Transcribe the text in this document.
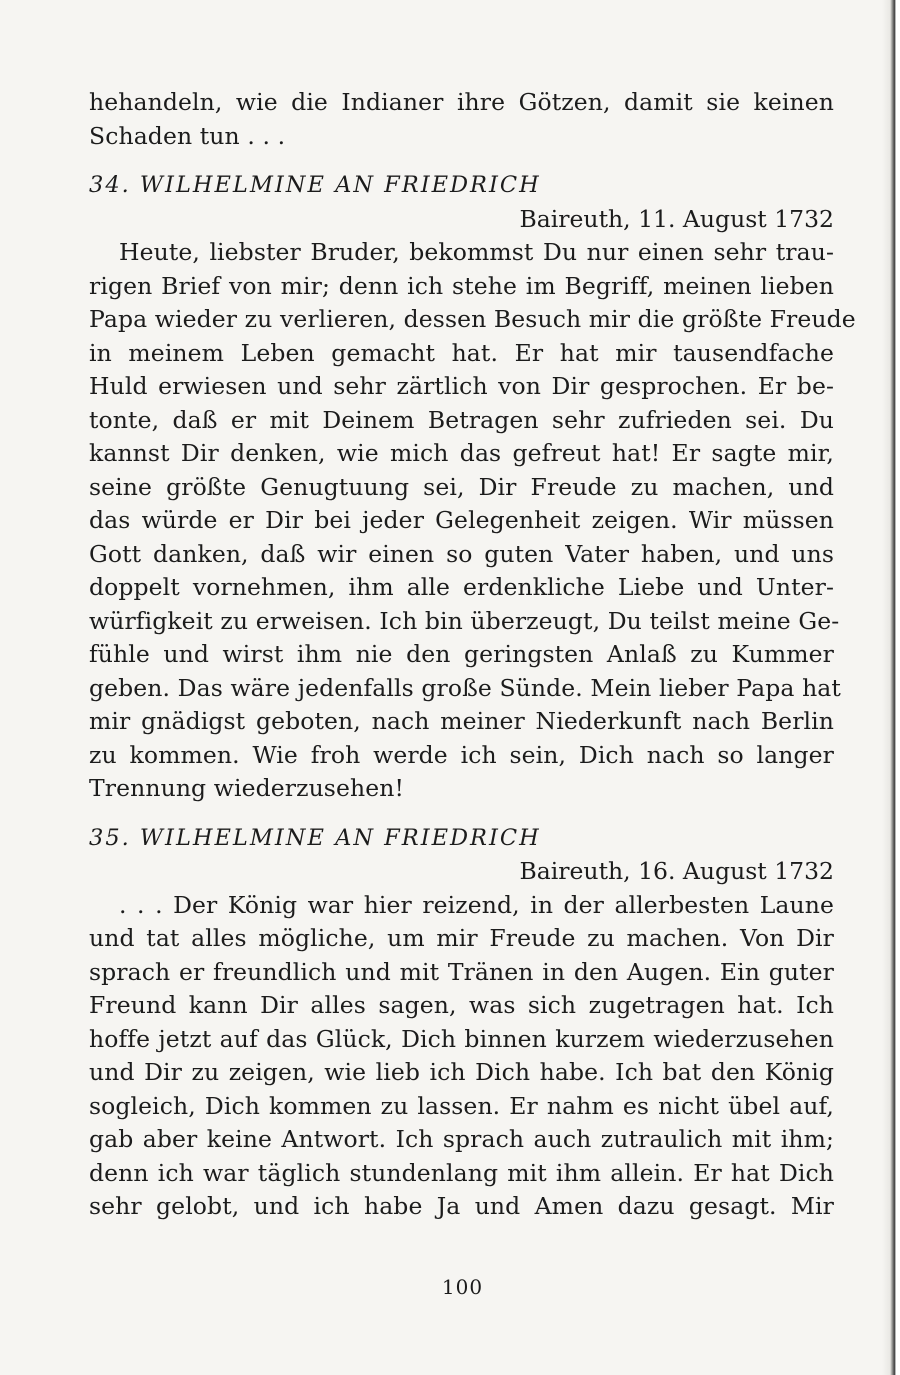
hehandeln, wie die Indianer ihre Götzen, damit sie keinen
Schaden tun . . .
34. WILHELMINE AN FRIEDRICH
Baireuth, 11. August 1732
Heute, liebster Bruder, bekommst Du nur einen sehr trau-
rigen Brief von mir; denn ich stehe im Begriff, meinen lieben
Papa wieder zu verlieren, dessen Besuch mir die größte Freude
in meinem Leben gemacht hat. Er hat mir tausendfache
Huld erwiesen und sehr zärtlich von Dir gesprochen. Er be-
tonte, daß er mit Deinem Betragen sehr zufrieden sei. Du
kannst Dir denken, wie mich das gefreut hat! Er sagte mir,
seine größte Genugtuung sei, Dir Freude zu machen, und
das würde er Dir bei jeder Gelegenheit zeigen. Wir müssen
Gott danken, daß wir einen so guten Vater haben, und uns
doppelt vornehmen, ihm alle erdenkliche Liebe und Unter-
würfigkeit zu erweisen. Ich bin überzeugt, Du teilst meine Ge-
fühle und wirst ihm nie den geringsten Anlaß zu Kummer
geben. Das wäre jedenfalls große Sünde. Mein lieber Papa hat
mir gnädigst geboten, nach meiner Niederkunft nach Berlin
zu kommen. Wie froh werde ich sein, Dich nach so langer
Trennung wiederzusehen!
35. WILHELMINE AN FRIEDRICH
Baireuth, 16. August 1732
. . . Der König war hier reizend, in der allerbesten Laune
und tat alles mögliche, um mir Freude zu machen. Von Dir
sprach er freundlich und mit Tränen in den Augen. Ein guter
Freund kann Dir alles sagen, was sich zugetragen hat. Ich
hoffe jetzt auf das Glück, Dich binnen kurzem wiederzusehen
und Dir zu zeigen, wie lieb ich Dich habe. Ich bat den König
sogleich, Dich kommen zu lassen. Er nahm es nicht übel auf,
gab aber keine Antwort. Ich sprach auch zutraulich mit ihm;
denn ich war täglich stundenlang mit ihm allein. Er hat Dich
sehr gelobt, und ich habe Ja und Amen dazu gesagt. Mir
100
